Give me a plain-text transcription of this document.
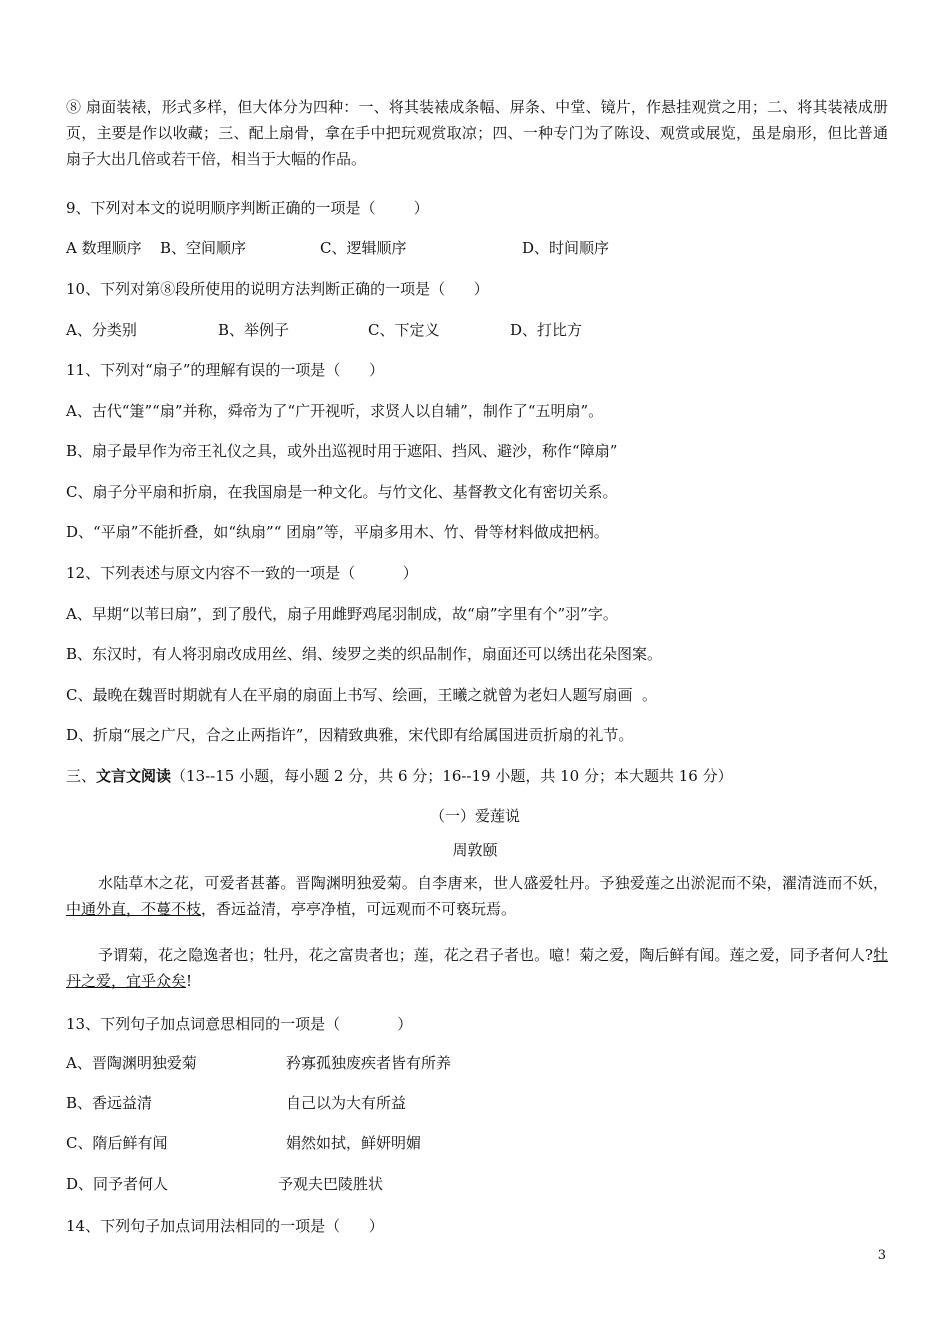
⑧ 扇面装裱，形式多样，但大体分为四种：一、将其装裱成条幅、屏条、中堂、镜片，作悬挂观赏之用；二、将其装裱成册页，主要是作以收藏；三、配上扇骨，拿在手中把玩观赏取凉；四、一种专门为了陈设、观赏或展览，虽是扇形，但比普通扇子大出几倍或若干倍，相当于大幅的作品。
9、下列对本文的说明顺序判断正确的一项是（        ）
A 数理顺序 B、空间顺序	C、逻辑顺序	D、时间顺序
10、下列对第⑧段所使用的说明方法判断正确的一项是（      ）
A、分类别	B、举例子	C、下定义	D、打比方
11、下列对“扇子”的理解有误的一项是（      ）
A、古代“箑”“扇”并称，舜帝为了“广开视听，求贤人以自辅”，制作了“五明扇”。
B、扇子最早作为帝王礼仪之具，或外出巡视时用于遮阳、挡风、避沙，称作“障扇”
C、扇子分平扇和折扇，在我国扇是一种文化。与竹文化、基督教文化有密切关系。
D、“平扇”不能折叠，如“纨扇”“ 团扇”等，平扇多用木、竹、骨等材料做成把柄。
12、下列表述与原文内容不一致的一项是（          ）
A、早期“以苇曰扇”，到了殷代，扇子用雌野鸡尾羽制成，故“扇”字里有个”羽”字。
B、东汉时，有人将羽扇改成用丝、绢、绫罗之类的织品制作，扇面还可以绣出花朵图案。
C、最晚在魏晋时期就有人在平扇的扇面上书写、绘画，王曦之就曾为老妇人题写扇画  。
D、折扇“展之广尺，合之止两指许”，因精致典雅，宋代即有给属国进贡折扇的礼节。
三、文言文阅读（13--15 小题，每小题 2 分，共 6 分；16--19 小题，共 10 分；本大题共 16 分）
（一）爱莲说
周敦颐
水陆草木之花，可爱者甚蕃。晋陶渊明独爱菊。自李唐来，世人盛爱牡丹。予独爱莲之出淤泥而不染，濯清涟而不妖，中通外直，不蔓不枝，香远益清，亭亭净植，可远观而不可亵玩焉。
予谓菊，花之隐逸者也；牡丹，花之富贵者也；莲，花之君子者也。噫！菊之爱，陶后鲜有闻。莲之爱，同予者何人?牡丹之爱，宜乎众矣!
13、下列句子加点词意思相同的一项是（            ）
A、晋陶渊明独爱菊	矜寡孤独废疾者皆有所养
B、香远益清	自己以为大有所益
C、隋后鲜有闻	娟然如拭，鲜妍明媚
D、同予者何人	予观夫巴陵胜状
14、下列句子加点词用法相同的一项是（      ）
3
